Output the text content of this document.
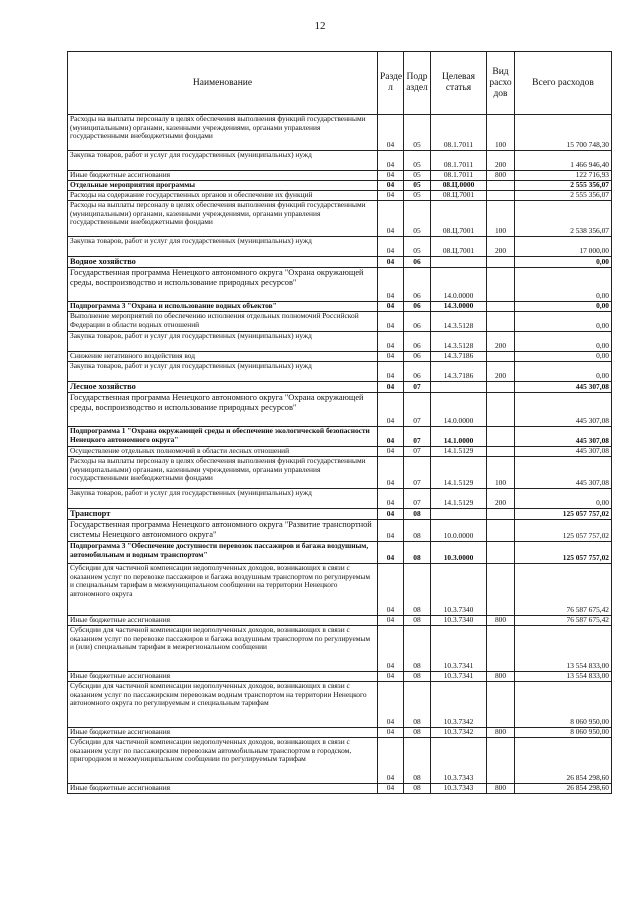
12
Наименование	Разде л	Подр аздел	Целевая статья	Вид расхо дов	Всего расходов
Расходы на выплаты персоналу в целях обеспечения выполнения функций государственными (муниципальными) органами, казенными учреждениями, органами управления государственными внебюджетными фондами	04	05	08.1.7011	100	15 700 748,30
Закупка товаров, работ и услуг для государственных (муниципальных) нужд	04	05	08.1.7011	200	1 466 946,40
Иные бюджетные ассигнования	04	05	08.1.7011	800	122 716,93
Отдельные мероприятия программы	04	05	08.Ц.0000		2 555 356,07
Расходы на содержание государственных органов и обеспечение их функций	04	05	08.Ц.7001		2 555 356,07
Расходы на выплаты персоналу в целях обеспечения выполнения функций государственными (муниципальными) органами, казенными учреждениями, органами управления государственными внебюджетными фондами	04	05	08.Ц.7001	100	2 538 356,07
Закупка товаров, работ и услуг для государственных (муниципальных) нужд	04	05	08.Ц.7001	200	17 000,00
Водное хозяйство	04	06			0,00
Государственная программа Ненецкого автономного округа "Охрана окружающей среды, воспроизводство и использование природных ресурсов"	04	06	14.0.0000		0,00
Подпрограмма 3 "Охрана и использование водных объектов"	04	06	14.3.0000		0,00
Выполнение мероприятий по обеспечению исполнения отдельных полномочий Российской Федерации в области водных отношений	04	06	14.3.5128		0,00
Закупка товаров, работ и услуг для государственных (муниципальных) нужд	04	06	14.3.5128	200	0,00
Снижение негативного воздействия вод	04	06	14.3.7186		0,00
Закупка товаров, работ и услуг для государственных (муниципальных) нужд	04	06	14.3.7186	200	0,00
Лесное хозяйство	04	07			445 307,08
Государственная программа Ненецкого автономного округа "Охрана окружающей среды, воспроизводство и использование природных ресурсов"	04	07	14.0.0000		445 307,08
Подпрограмма 1 "Охрана окружающей среды и обеспечение экологической безопасности Ненецкого автономного округа"	04	07	14.1.0000		445 307,08
Осуществление отдельных полномочий в области лесных отношений	04	07	14.1.5129		445 307,08
Расходы на выплаты персоналу в целях обеспечения выполнения функций государственными (муниципальными) органами, казенными учреждениями, органами управления государственными внебюджетными фондами	04	07	14.1.5129	100	445 307,08
Закупка товаров, работ и услуг для государственных (муниципальных) нужд	04	07	14.1.5129	200	0,00
Транспорт	04	08			125 057 757,02
Государственная программа Ненецкого автономного округа "Развитие транспортной системы Ненецкого автономного округа"	04	08	10.0.0000		125 057 757,02
Подпрограмма 3 "Обеспечение доступности перевозок пассажиров и багажа воздушным, автомобильным и водным транспортом"	04	08	10.3.0000		125 057 757,02
Субсидии для частичной компенсации недополученных доходов, возникающих в связи с оказанием услуг по перевозке пассажиров и багажа воздушным транспортом по регулируемым и специальным тарифам в межмуниципальном сообщении на территории Ненецкого автономного округа	04	08	10.3.7340		76 587 675,42
Иные бюджетные ассигнования	04	08	10.3.7340	800	76 587 675,42
Субсидии для частичной компенсации недополученных доходов, возникающих в связи с оказанием услуг по перевозке пассажиров и багажа воздушным транспортом по регулируемым и (или) специальным тарифам в межрегиональном сообщении	04	08	10.3.7341		13 554 833,00
Иные бюджетные ассигнования	04	08	10.3.7341	800	13 554 833,00
Субсидии для частичной компенсации недополученных доходов, возникающих в связи с оказанием услуг по пассажирским перевозкам водным транспортом на территории Ненецкого автономного округа по регулируемым и специальным тарифам	04	08	10.3.7342		8 060 950,00
Иные бюджетные ассигнования	04	08	10.3.7342	800	8 060 950,00
Субсидии для частичной компенсации недополученных доходов, возникающих в связи с оказанием услуг по пассажирским перевозкам автомобильным транспортом в городском, пригородном и межмуниципальном сообщении по регулируемым тарифам	04	08	10.3.7343		26 854 298,60
Иные бюджетные ассигнования	04	08	10.3.7343	800	26 854 298,60
